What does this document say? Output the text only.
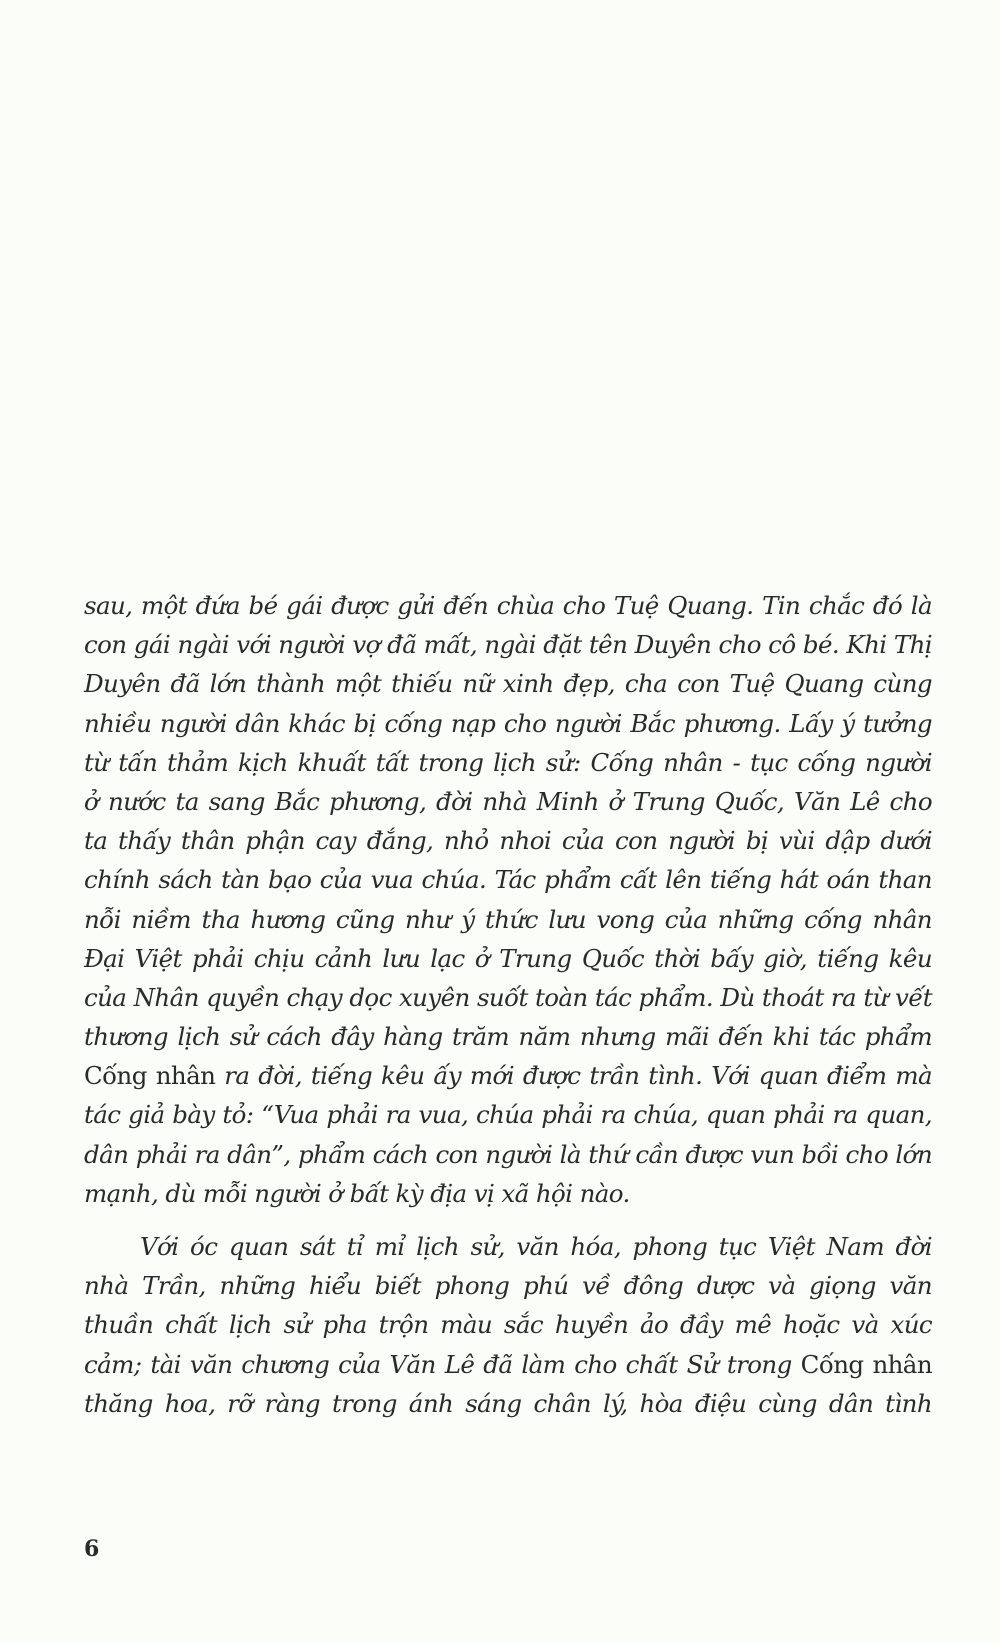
sau, một đứa bé gái được gửi đến chùa cho Tuệ Quang. Tin chắc đó là
con gái ngài với người vợ đã mất, ngài đặt tên Duyên cho cô bé. Khi Thị
Duyên đã lớn thành một thiếu nữ xinh đẹp, cha con Tuệ Quang cùng
nhiều người dân khác bị cống nạp cho người Bắc phương. Lấy ý tưởng
từ tấn thảm kịch khuất tất trong lịch sử: Cống nhân - tục cống người
ở nước ta sang Bắc phương, đời nhà Minh ở Trung Quốc, Văn Lê cho
ta thấy thân phận cay đắng, nhỏ nhoi của con người bị vùi dập dưới
chính sách tàn bạo của vua chúa. Tác phẩm cất lên tiếng hát oán than
nỗi niềm tha hương cũng như ý thức lưu vong của những cống nhân
Đại Việt phải chịu cảnh lưu lạc ở Trung Quốc thời bấy giờ, tiếng kêu
của Nhân quyền chạy dọc xuyên suốt toàn tác phẩm. Dù thoát ra từ vết
thương lịch sử cách đây hàng trăm năm nhưng mãi đến khi tác phẩm
Cống nhân ra đời, tiếng kêu ấy mới được trần tình. Với quan điểm mà
tác giả bày tỏ: “Vua phải ra vua, chúa phải ra chúa, quan phải ra quan,
dân phải ra dân”, phẩm cách con người là thứ cần được vun bồi cho lớn
mạnh, dù mỗi người ở bất kỳ địa vị xã hội nào.
Với óc quan sát tỉ mỉ lịch sử, văn hóa, phong tục Việt Nam đời
nhà Trần, những hiểu biết phong phú về đông dược và giọng văn
thuần chất lịch sử pha trộn màu sắc huyền ảo đầy mê hoặc và xúc
cảm; tài văn chương của Văn Lê đã làm cho chất Sử trong Cống nhân
thăng hoa, rỡ ràng trong ánh sáng chân lý, hòa điệu cùng dân tình
6
